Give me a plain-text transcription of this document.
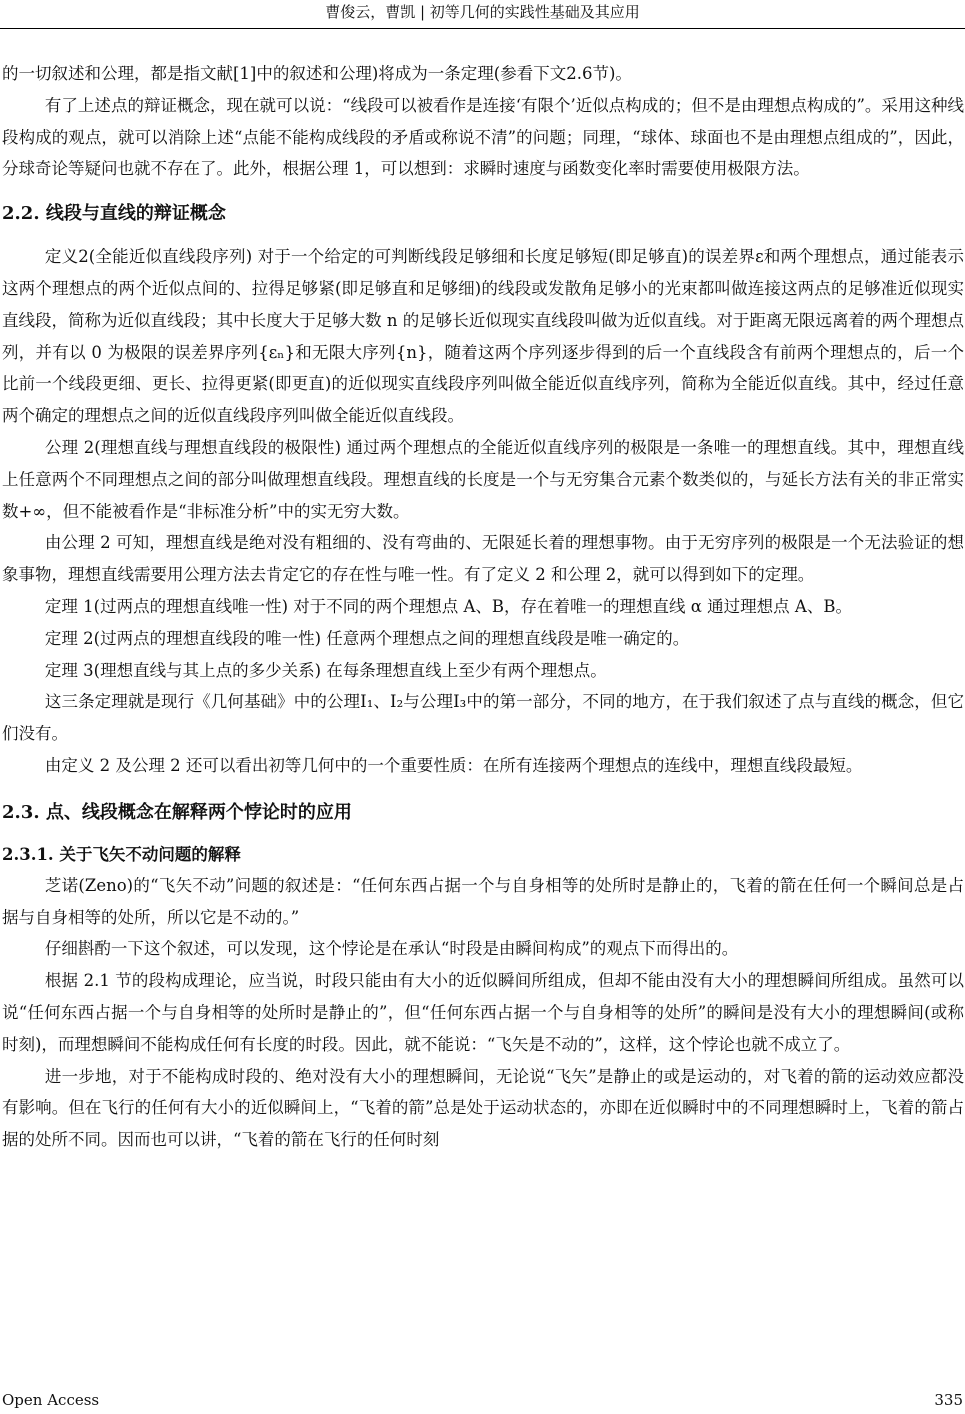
曹俊云，曹凯 | 初等几何的实践性基础及其应用

的一切叙述和公理，都是指文献[1]中的叙述和公理)将成为一条定理(参看下文2.6节)。

有了上述点的辩证概念，现在就可以说：“线段可以被看作是连接‘有限个’近似点构成的；但不是由理想点构成的”。采用这种线段构成的观点，就可以消除上述“点能不能构成线段的矛盾或称说不清”的问题；同理，“球体、球面也不是由理想点组成的”，因此，分球奇论等疑问也就不存在了。此外，根据公理 1，可以想到：求瞬时速度与函数变化率时需要使用极限方法。

2.2. 线段与直线的辩证概念

定义2(全能近似直线段序列) 对于一个给定的可判断线段足够细和长度足够短(即足够直)的误差界ε和两个理想点，通过能表示这两个理想点的两个近似点间的、拉得足够紧(即足够直和足够细)的线段或发散角足够小的光束都叫做连接这两点的足够准近似现实直线段，简称为近似直线段；其中长度大于足够大数 n 的足够长近似现实直线段叫做为近似直线。对于距离无限远离着的两个理想点列，并有以 0 为极限的误差界序列{εₙ}和无限大序列{n}，随着这两个序列逐步得到的后一个直线段含有前两个理想点的，后一个比前一个线段更细、更长、拉得更紧(即更直)的近似现实直线段序列叫做全能近似直线序列，简称为全能近似直线。其中，经过任意两个确定的理想点之间的近似直线段序列叫做全能近似直线段。

公理 2(理想直线与理想直线段的极限性) 通过两个理想点的全能近似直线序列的极限是一条唯一的理想直线。其中，理想直线上任意两个不同理想点之间的部分叫做理想直线段。理想直线的长度是一个与无穷集合元素个数类似的，与延长方法有关的非正常实数+∞，但不能被看作是“非标准分析”中的实无穷大数。

由公理 2 可知，理想直线是绝对没有粗细的、没有弯曲的、无限延长着的理想事物。由于无穷序列的极限是一个无法验证的想象事物，理想直线需要用公理方法去肯定它的存在性与唯一性。有了定义 2 和公理 2，就可以得到如下的定理。

定理 1(过两点的理想直线唯一性) 对于不同的两个理想点 A、B，存在着唯一的理想直线 α 通过理想点 A、B。

定理 2(过两点的理想直线段的唯一性) 任意两个理想点之间的理想直线段是唯一确定的。

定理 3(理想直线与其上点的多少关系) 在每条理想直线上至少有两个理想点。

这三条定理就是现行《几何基础》中的公理Ⅰ₁、Ⅰ₂与公理Ⅰ₃中的第一部分，不同的地方，在于我们叙述了点与直线的概念，但它们没有。

由定义 2 及公理 2 还可以看出初等几何中的一个重要性质：在所有连接两个理想点的连线中，理想直线段最短。

2.3. 点、线段概念在解释两个悖论时的应用
2.3.1. 关于飞矢不动问题的解释

芝诺(Zeno)的“飞矢不动”问题的叙述是：“任何东西占据一个与自身相等的处所时是静止的，飞着的箭在任何一个瞬间总是占据与自身相等的处所，所以它是不动的。”

仔细斟酌一下这个叙述，可以发现，这个悖论是在承认“时段是由瞬间构成”的观点下而得出的。

根据 2.1 节的段构成理论，应当说，时段只能由有大小的近似瞬间所组成，但却不能由没有大小的理想瞬间所组成。虽然可以说“任何东西占据一个与自身相等的处所时是静止的”，但“任何东西占据一个与自身相等的处所”的瞬间是没有大小的理想瞬间(或称时刻)，而理想瞬间不能构成任何有长度的时段。因此，就不能说：“飞矢是不动的”，这样，这个悖论也就不成立了。

进一步地，对于不能构成时段的、绝对没有大小的理想瞬间，无论说“飞矢”是静止的或是运动的，对飞着的箭的运动效应都没有影响。但在飞行的任何有大小的近似瞬间上，“飞着的箭”总是处于运动状态的，亦即在近似瞬时中的不同理想瞬时上，飞着的箭占据的处所不同。因而也可以讲，“飞着的箭在飞行的任何时刻

Open Access	335
